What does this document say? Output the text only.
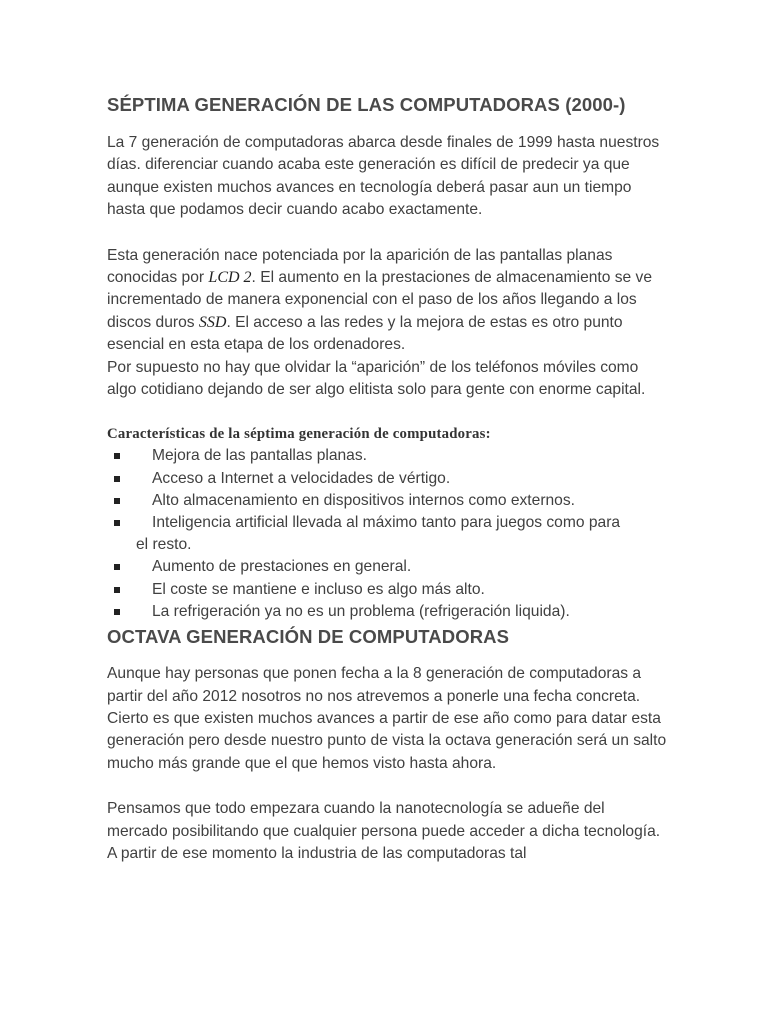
SÉPTIMA GENERACIÓN DE LAS COMPUTADORAS (2000-)

La 7 generación de computadoras abarca desde finales de 1999 hasta nuestros días. diferenciar cuando acaba este generación es difícil de predecir ya que aunque existen muchos avances en tecnología deberá pasar aun un tiempo hasta que podamos decir cuando acabo exactamente.

Esta generación nace potenciada por la aparición de las pantallas planas conocidas por LCD 2. El aumento en la prestaciones de almacenamiento se ve incrementado de manera exponencial con el paso de los años llegando a los discos duros SSD. El acceso a las redes y la mejora de estas es otro punto esencial en esta etapa de los ordenadores.

Por supuesto no hay que olvidar la “aparición” de los teléfonos móviles como algo cotidiano dejando de ser algo elitista solo para gente con enorme capital.

Características de la séptima generación de computadoras:

Mejora de las pantallas planas.
Acceso a Internet a velocidades de vértigo.
Alto almacenamiento en dispositivos internos como externos.
Inteligencia artificial llevada al máximo tanto para juegos como para
el resto.
Aumento de prestaciones en general.
El coste se mantiene e incluso es algo más alto.
La refrigeración ya no es un problema (refrigeración liquida).
OCTAVA GENERACIÓN DE COMPUTADORAS

Aunque hay personas que ponen fecha a la 8 generación de computadoras a partir del año 2012 nosotros no nos atrevemos a ponerle una fecha concreta. Cierto es que existen muchos avances a partir de ese año como para datar esta generación pero desde nuestro punto de vista la octava generación será un salto mucho más grande que el que hemos visto hasta ahora.

Pensamos que todo empezara cuando la nanotecnología se adueñe del mercado posibilitando que cualquier persona puede acceder a dicha tecnología. A partir de ese momento la industria de las computadoras tal
